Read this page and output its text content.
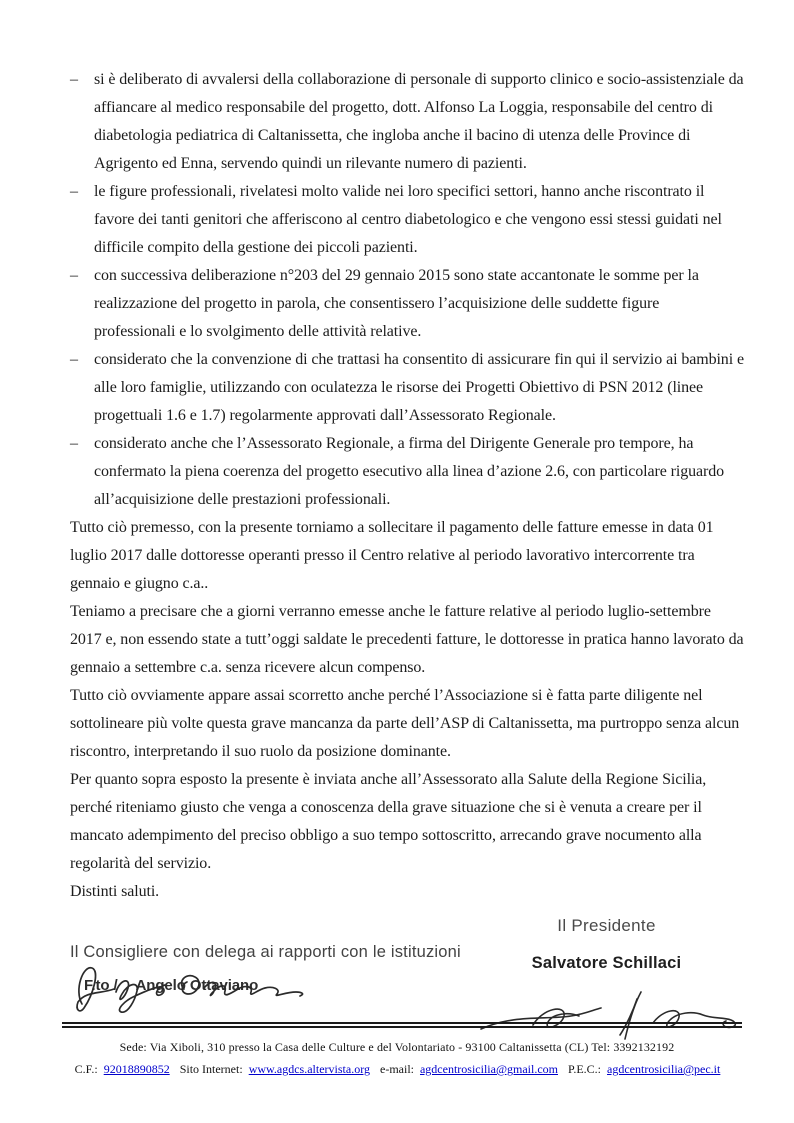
–	si è deliberato di avvalersi della collaborazione di personale di supporto clinico e socio-assistenziale da affiancare al medico responsabile del progetto, dott. Alfonso La Loggia, responsabile del centro di diabetologia pediatrica di Caltanissetta, che ingloba anche il bacino di utenza delle Province di Agrigento ed Enna, servendo quindi un rilevante numero di pazienti.
–	le figure professionali, rivelatesi molto valide nei loro specifici settori, hanno anche riscontrato il favore dei tanti genitori che afferiscono al centro diabetologico e che vengono essi stessi guidati nel difficile compito della gestione dei piccoli pazienti.
–	con successiva deliberazione n°203 del 29 gennaio 2015 sono state accantonate le somme per la realizzazione del progetto in parola, che consentissero l’acquisizione delle suddette figure professionali e lo svolgimento delle attività relative.
–	considerato che la convenzione di che trattasi ha consentito di assicurare fin qui il servizio ai bambini e alle loro famiglie, utilizzando con oculatezza le risorse dei Progetti Obiettivo di PSN 2012 (linee progettuali 1.6 e 1.7) regolarmente approvati dall’Assessorato Regionale.
–	considerato anche che l’Assessorato Regionale, a firma del Dirigente Generale pro tempore, ha confermato la piena coerenza del progetto esecutivo alla linea d’azione 2.6, con particolare riguardo all’acquisizione delle prestazioni professionali.

Tutto ciò premesso, con la presente torniamo a sollecitare il pagamento delle fatture emesse in data 01 luglio 2017 dalle dottoresse operanti presso il Centro relative al periodo lavorativo intercorrente tra gennaio e giugno c.a..

Teniamo a precisare che a giorni verranno emesse anche le fatture relative al periodo luglio-settembre 2017 e, non essendo state a tutt’oggi saldate le precedenti fatture, le dottoresse in pratica hanno lavorato da gennaio a settembre c.a. senza ricevere alcun compenso.

Tutto ciò ovviamente appare assai scorretto anche perché l’Associazione si è fatta parte diligente nel sottolineare più volte questa grave mancanza da parte dell’ASP di Caltanissetta, ma purtroppo senza alcun riscontro, interpretando il suo ruolo da posizione dominante.

Per quanto sopra esposto la presente è inviata anche all’Assessorato alla Salute della Regione Sicilia, perché riteniamo giusto che venga a conoscenza della grave situazione che si è venuta a creare per il mancato adempimento del preciso obbligo a suo tempo sottoscritto, arrecando grave nocumento alla regolarità del servizio.

Distinti saluti.

Il Consigliere con delega ai rapporti con le istituzioni
F.to / Angelo Ottaviano
Il Presidente
Salvatore Schillaci
Sede: Via Xiboli, 310 presso la Casa delle Culture e del Volontariato - 93100 Caltanissetta (CL) Tel: 3392132192
C.F.: 92018890852 Sito Internet: www.agdcs.altervista.org e-mail: agdcentrosicilia@gmail.com P.E.C.: agdcentrosicilia@pec.it
